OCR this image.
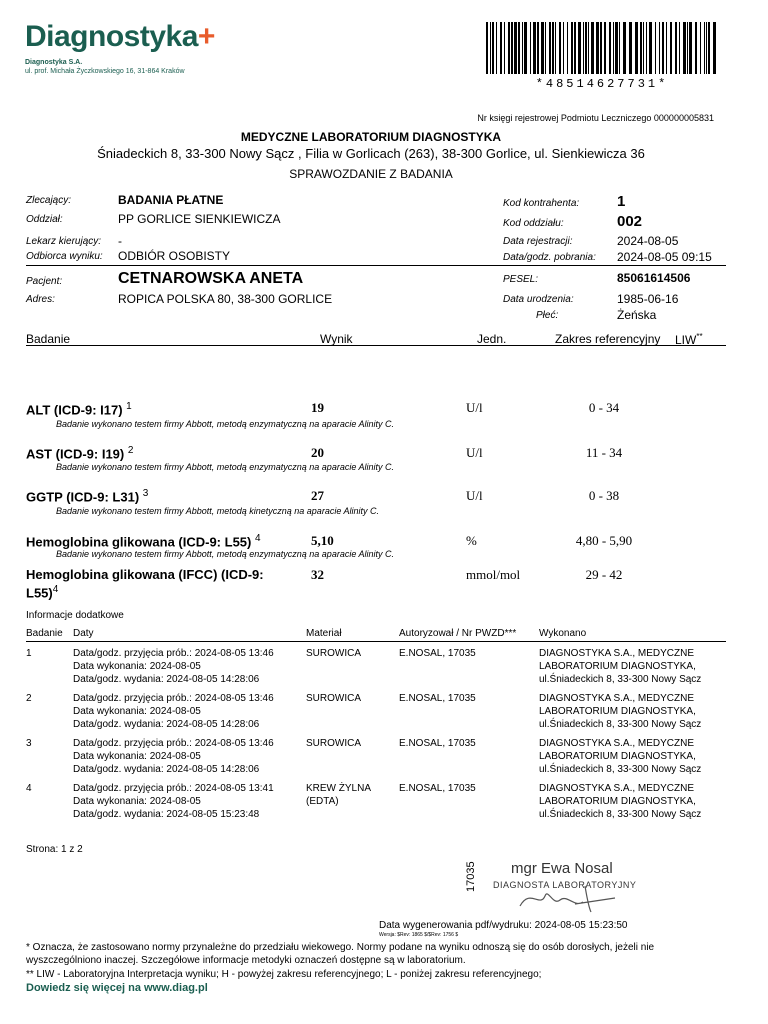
Diagnostyka+
Diagnostyka S.A.
ul. prof. Michała Życzkowskiego 16, 31-864 Kraków
*48514627731*
Nr księgi rejestrowej Podmiotu Leczniczego 000000005831
MEDYCZNE LABORATORIUM DIAGNOSTYKA
Śniadeckich 8, 33-300 Nowy Sącz , Filia w Gorlicach (263), 38-300 Gorlice, ul. Sienkiewicza 36
SPRAWOZDANIE Z BADANIA
Zlecający:	BADANIA PŁATNE
Oddział:	PP GORLICE SIENKIEWICZA
Lekarz kierujący: -
Odbiorca wyniku: ODBIÓR OSOBISTY
Kod kontrahenta:	1
Kod oddziału:	002
Data rejestracji:	2024-08-05
Data/godz. pobrania: 2024-08-05 09:15
Pacjent:	CETNAROWSKA ANETA
Adres:	ROPICA POLSKA 80, 38-300 GORLICE
PESEL:	85061614506
Data urodzenia:	1985-06-16
Płeć:	Żeńska
Badanie	Wynik	Jedn.	Zakres referencyjny LIW**
ALT (ICD-9: I17) $^1$	19	U/l	0 - 34
Badanie wykonano testem firmy Abbott, metodą enzymatyczną na aparacie Alinity C.
AST (ICD-9: I19) $^2$	20	U/l	11 - 34
Badanie wykonano testem firmy Abbott, metodą enzymatyczną na aparacie Alinity C.
GGTP (ICD-9: L31) $^3$	27	U/l	0 - 38
Badanie wykonano testem firmy Abbott, metodą kinetyczną na aparacie Alinity C.
Hemoglobina glikowana (ICD-9: L55) $^4$	5,10	%	4,80 - 5,90
Badanie wykonano testem firmy Abbott, metodą enzymatyczną na aparacie Alinity C.
Hemoglobina glikowana (IFCC) (ICD-9:
L55)$^4$
32	mmol/mol	29 - 42
Informacje dodatkowe
Badanie Daty	Materiał	Autoryzował / Nr PWZD*** Wykonano
1	Data/godz. przyjęcia prób.: 2024-08-05 13:46
Data wykonania: 2024-08-05
Data/godz. wydania: 2024-08-05 14:28:06
SUROWICA	E.NOSAL, 17035	DIAGNOSTYKA S.A., MEDYCZNE
LABORATORIUM DIAGNOSTYKA,
ul.Śniadeckich 8, 33-300 Nowy Sącz
2	Data/godz. przyjęcia prób.: 2024-08-05 13:46
Data wykonania: 2024-08-05
Data/godz. wydania: 2024-08-05 14:28:06
SUROWICA	E.NOSAL, 17035	DIAGNOSTYKA S.A., MEDYCZNE
LABORATORIUM DIAGNOSTYKA,
ul.Śniadeckich 8, 33-300 Nowy Sącz
3	Data/godz. przyjęcia prób.: 2024-08-05 13:46
Data wykonania: 2024-08-05
Data/godz. wydania: 2024-08-05 14:28:06
SUROWICA	E.NOSAL, 17035	DIAGNOSTYKA S.A., MEDYCZNE
LABORATORIUM DIAGNOSTYKA,
ul.Śniadeckich 8, 33-300 Nowy Sącz
4	Data/godz. przyjęcia prób.: 2024-08-05 13:41
Data wykonania: 2024-08-05
Data/godz. wydania: 2024-08-05 15:23:48
KREW ŻYLNA
(EDTA)
E.NOSAL, 17035	DIAGNOSTYKA S.A., MEDYCZNE
LABORATORIUM DIAGNOSTYKA,
ul.Śniadeckich 8, 33-300 Nowy Sącz
Strona: 1 z 2
17035 mgr Ewa Nosal
DIAGNOSTA LABORATORYJNY
Wersja: $Rev: 1865 $/$Rev: 1756 $
Data wygenerowania pdf/wydruku: 2024-08-05 15:23:50
* Oznacza, że zastosowano normy przynależne do przedziału wiekowego. Normy podane na wyniku odnoszą się do osób dorosłych, jeżeli nie
wyszczególniono inaczej. Szczegółowe informacje metodyki oznaczeń dostępne są w laboratorium.
** LIW - Laboratoryjna Interpretacja wyniku; H - powyżej zakresu referencyjnego; L - poniżej zakresu referencyjnego;
Dowiedz się więcej na www.diag.pl
